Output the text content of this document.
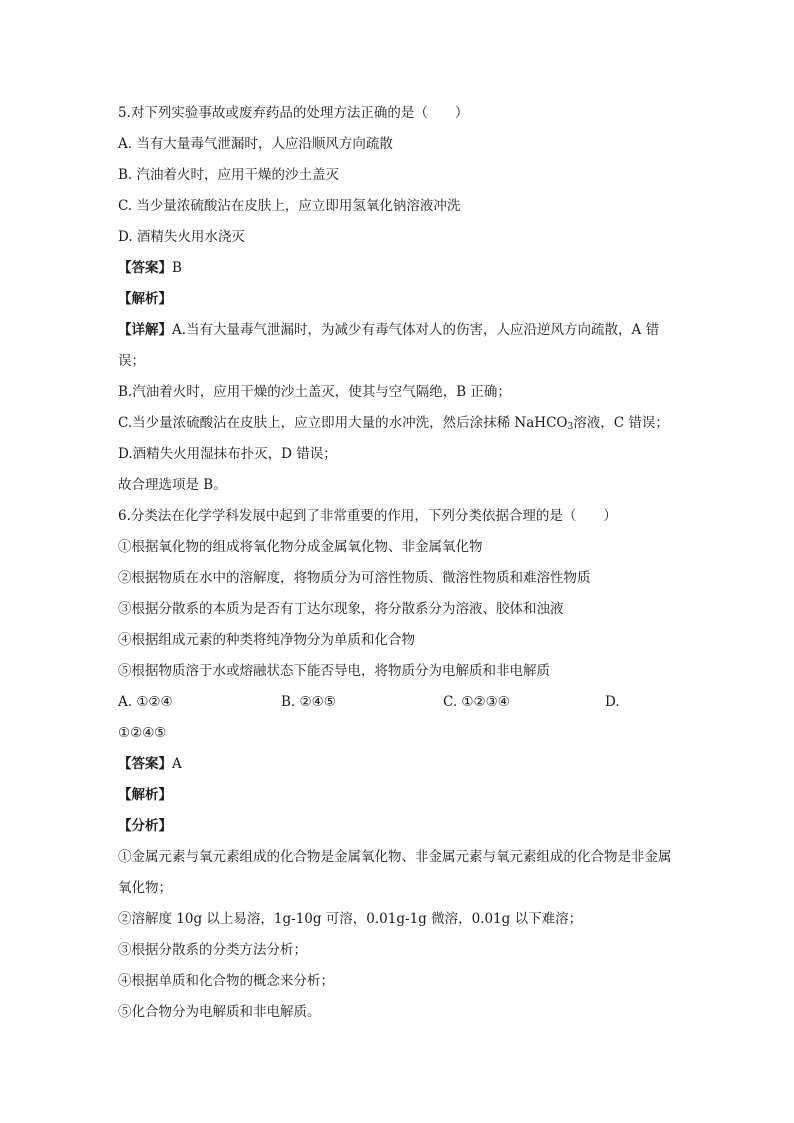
5.对下列实验事故或废弃药品的处理方法正确的是（　　）
A. 当有大量毒气泄漏时，人应沿顺风方向疏散
B. 汽油着火时，应用干燥的沙土盖灭
C. 当少量浓硫酸沾在皮肤上，应立即用氢氧化钠溶液冲洗
D. 酒精失火用水浇灭
【答案】B
【解析】
【详解】A.当有大量毒气泄漏时，为减少有毒气体对人的伤害，人应沿逆风方向疏散，A 错误；
B.汽油着火时，应用干燥的沙土盖灭，使其与空气隔绝，B 正确；
C.当少量浓硫酸沾在皮肤上，应立即用大量的水冲洗，然后涂抹稀 NaHCO$_3$溶液，C 错误；
D.酒精失火用湿抹布扑灭，D 错误；
故合理选项是 B。
6.分类法在化学学科发展中起到了非常重要的作用，下列分类依据合理的是（　　）
①根据氧化物的组成将氧化物分成金属氧化物、非金属氧化物
②根据物质在水中的溶解度，将物质分为可溶性物质、微溶性物质和难溶性物质
③根据分散系的本质为是否有丁达尔现象，将分散系分为溶液、胶体和浊液
④根据组成元素的种类将纯净物分为单质和化合物
⑤根据物质溶于水或熔融状态下能否导电，将物质分为电解质和非电解质
A. ①②④	B. ②④⑤	C. ①②③④	D.
①②④⑤
【答案】A
【解析】
【分析】
①金属元素与氧元素组成的化合物是金属氧化物、非金属元素与氧元素组成的化合物是非金属氧化物；
②溶解度 10g 以上易溶，1g-10g 可溶，0.01g-1g 微溶，0.01g 以下难溶；
③根据分散系的分类方法分析；
④根据单质和化合物的概念来分析；
⑤化合物分为电解质和非电解质。
